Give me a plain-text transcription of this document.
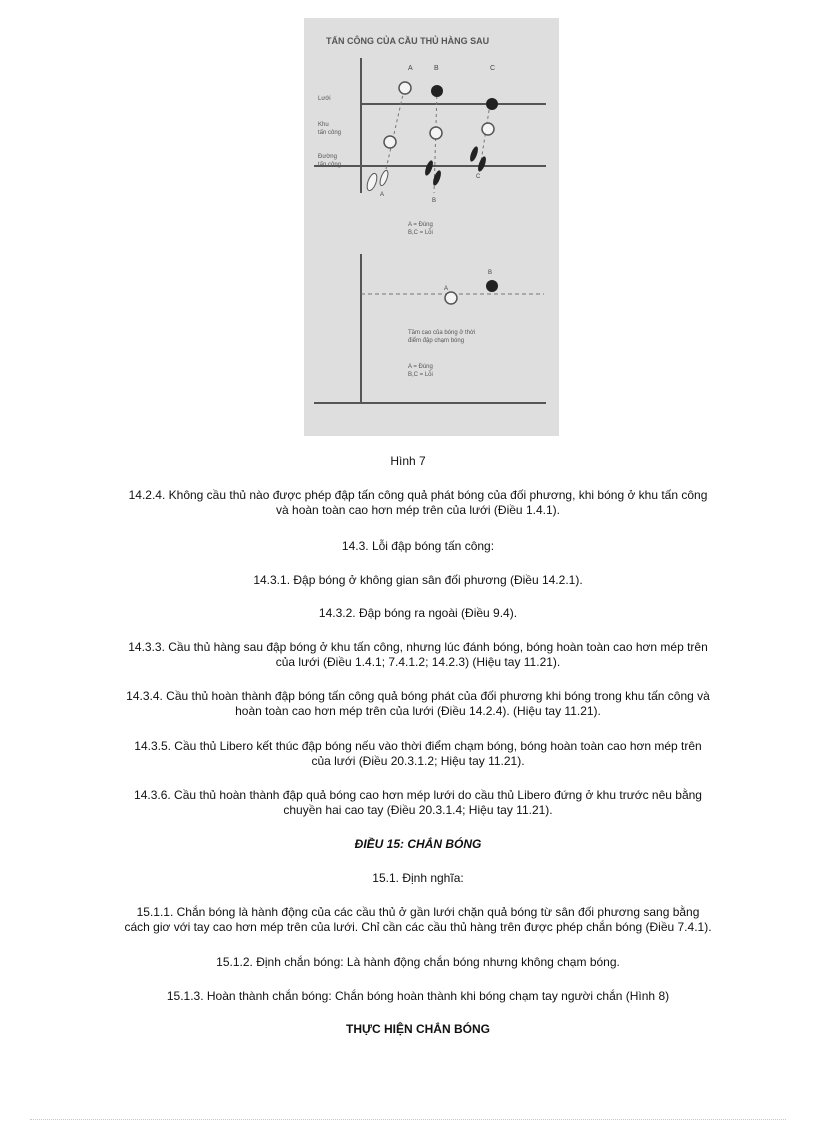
TẤN CÔNG CỦA CẦU THỦ HÀNG SAU
A	B	C
Lưới
Khu
tấn công
Đường
tấn công
A
B
C
A = Đúng
B,C = Lỗi
A
B
Tầm cao của bóng ở thời
điểm đập chạm bóng
A = Đúng
B,C = Lỗi
Hình 7
14.2.4. Không cầu thủ nào được phép đập tấn công quả phát bóng của đối phương, khi bóng ở khu tấn công
và hoàn toàn cao hơn mép trên của lưới (Điều 1.4.1).
14.3. Lỗi đập bóng tấn công:
14.3.1. Đập bóng ở không gian sân đối phương (Điều 14.2.1).
14.3.2. Đập bóng ra ngoài (Điều 9.4).
14.3.3. Cầu thủ hàng sau đập bóng ở khu tấn công, nhưng lúc đánh bóng, bóng hoàn toàn cao hơn mép trên
của lưới (Điều 1.4.1; 7.4.1.2; 14.2.3) (Hiệu tay 11.21).
14.3.4. Cầu thủ hoàn thành đập bóng tấn công quả bóng phát của đối phương khi bóng trong khu tấn công và
hoàn toàn cao hơn mép trên của lưới (Điều 14.2.4). (Hiệu tay 11.21).
14.3.5. Cầu thủ Libero kết thúc đập bóng nếu vào thời điểm chạm bóng, bóng hoàn toàn cao hơn mép trên
của lưới (Điều 20.3.1.2; Hiệu tay 11.21).
14.3.6. Cầu thủ hoàn thành đập quả bóng cao hơn mép lưới do cầu thủ Libero đứng ở khu trước nêu bằng
chuyền hai cao tay (Điều 20.3.1.4; Hiệu tay 11.21).
ĐIỀU 15: CHẮN BÓNG
15.1. Định nghĩa:
15.1.1. Chắn bóng là hành động của các cầu thủ ở gần lưới chặn quả bóng từ sân đối phương sang bằng
cách giơ với tay cao hơn mép trên của lưới. Chỉ cần các cầu thủ hàng trên được phép chắn bóng (Điều 7.4.1).
15.1.2. Định chắn bóng: Là hành động chắn bóng nhưng không chạm bóng.
15.1.3. Hoàn thành chắn bóng: Chắn bóng hoàn thành khi bóng chạm tay người chắn (Hình 8)
THỰC HIỆN CHẮN BÓNG
